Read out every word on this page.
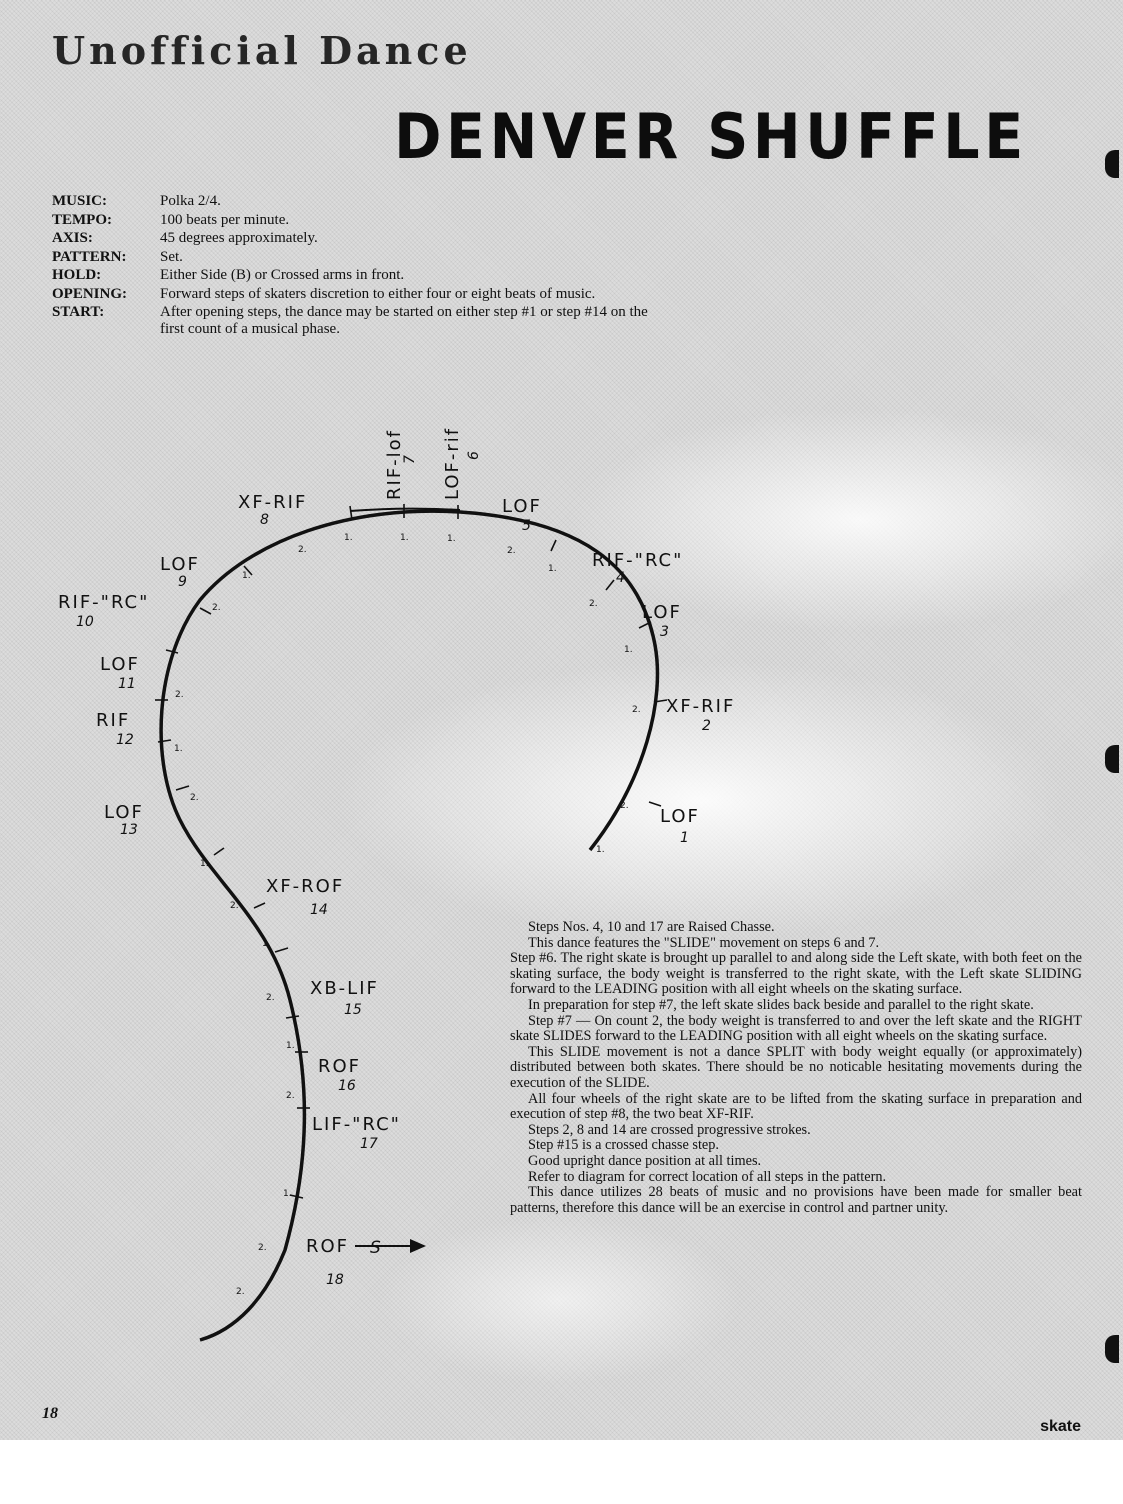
Unofficial Dance
DENVER SHUFFLE
MUSIC:	Polka 2/4.
TEMPO:	100 beats per minute.
AXIS:	45 degrees approximately.
PATTERN: Set.
HOLD:	Either Side (B) or Crossed arms in front.
OPENING: Forward steps of skaters discretion to either four or eight beats of music.
START:	After opening steps, the dance may be started on either step #1 or step #14 on the first count of a musical phase.
1.
2.
2.
1.
2.
1.
2.
1.
1.
1.
2.
1.
2.
2.
1.
2.
1.
2.
1.
2.
1.
2.
1.
2.
2.
LOF
1
XF-RIF
2
LOF
3
RIF-"RC"
4
LOF
5
LOF-rif 6
RIF-lof
7
XF-RIF
8
LOF
9
RIF-"RC"
10
LOF
11
RIF
12
LOF
13
XF-ROF
14
XB-LIF
15
ROF
16
LIF-"RC"
17
ROF
18
S

Steps Nos. 4, 10 and 17 are Raised Chasse.

This dance features the "SLIDE" movement on steps 6 and 7.

Step #6. The right skate is brought up parallel to and along side the Left skate, with both feet on the skating surface, the body weight is transferred to the right skate, with the Left skate SLIDING forward to the LEADING position with all eight wheels on the skating surface.

In preparation for step #7, the left skate slides back beside and parallel to the right skate.

Step #7 — On count 2, the body weight is transferred to and over the left skate and the RIGHT skate SLIDES forward to the LEADING position with all eight wheels on the skating surface.

This SLIDE movement is not a dance SPLIT with body weight equally (or approximately) distributed between both skates. There should be no noticable hesitating movements during the execution of the SLIDE.

All four wheels of the right skate are to be lifted from the skating surface in preparation and execution of step #8, the two beat XF-RIF.

Steps 2, 8 and 14 are crossed progressive strokes.

Step #15 is a crossed chasse step.

Good upright dance position at all times.

Refer to diagram for correct location of all steps in the pattern.

This dance utilizes 28 beats of music and no provisions have been made for smaller beat patterns, therefore this dance will be an exercise in control and partner unity.

18

skate
